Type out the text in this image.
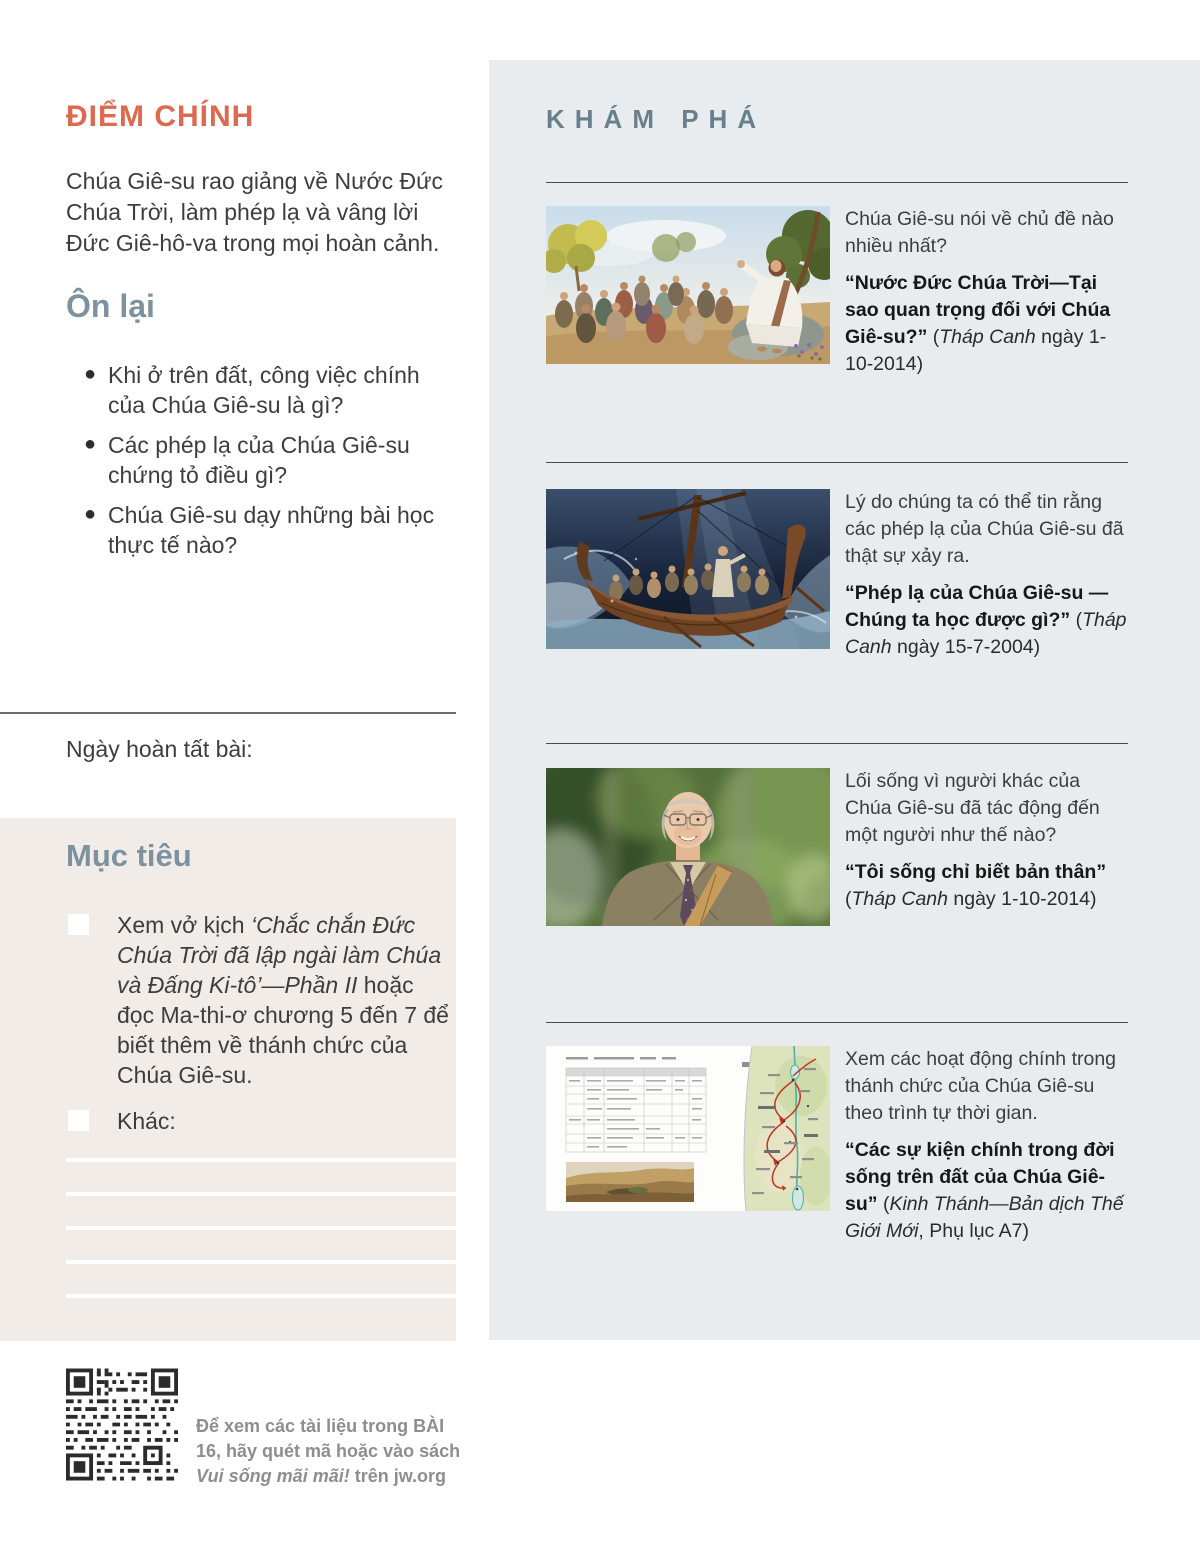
ĐIỂM CHÍNH

Chúa Giê-su rao giảng về Nước Đức Chúa Trời, làm phép lạ và vâng lời Đức Giê-hô-va trong mọi hoàn cảnh.

Ôn lại
● Khi ở trên đất, công việc chính của Chúa Giê-su là gì?
● Các phép lạ của Chúa Giê-su chứng tỏ điều gì?
● Chúa Giê-su dạy những bài học thực tế nào?

Ngày hoàn tất bài:

Mục tiêu

Xem vở kịch ‘Chắc chắn Đức Chúa Trời đã lập ngài làm Chúa và Đấng Ki-tô’—Phần II hoặc đọc Ma-thi-ơ chương 5 đến 7 để biết thêm về thánh chức của Chúa Giê-su.

Khác:

Để xem các tài liệu trong BÀI 16, hãy quét mã hoặc vào sách Vui sống mãi mãi! trên jw.org

KHÁM PHÁ

Chúa Giê-su nói về chủ đề nào nhiều nhất?

“Nước Đức Chúa Trời—Tại sao quan trọng đối với Chúa Giê-su?” (Tháp Canh ngày 1-10-2014)

Lý do chúng ta có thể tin rằng các phép lạ của Chúa Giê-su đã thật sự xảy ra.

“Phép lạ của Chúa Giê-su —Chúng ta học được gì?” (Tháp Canh ngày 15-7-2004)

Lối sống vì người khác của Chúa Giê-su đã tác động đến một người như thế nào?

“Tôi sống chỉ biết bản thân” (Tháp Canh ngày 1-10-2014)

Xem các hoạt động chính trong thánh chức của Chúa Giê-su theo trình tự thời gian.

“Các sự kiện chính trong đời sống trên đất của Chúa Giê-su” (Kinh Thánh—Bản dịch Thế Giới Mới, Phụ lục A7)
